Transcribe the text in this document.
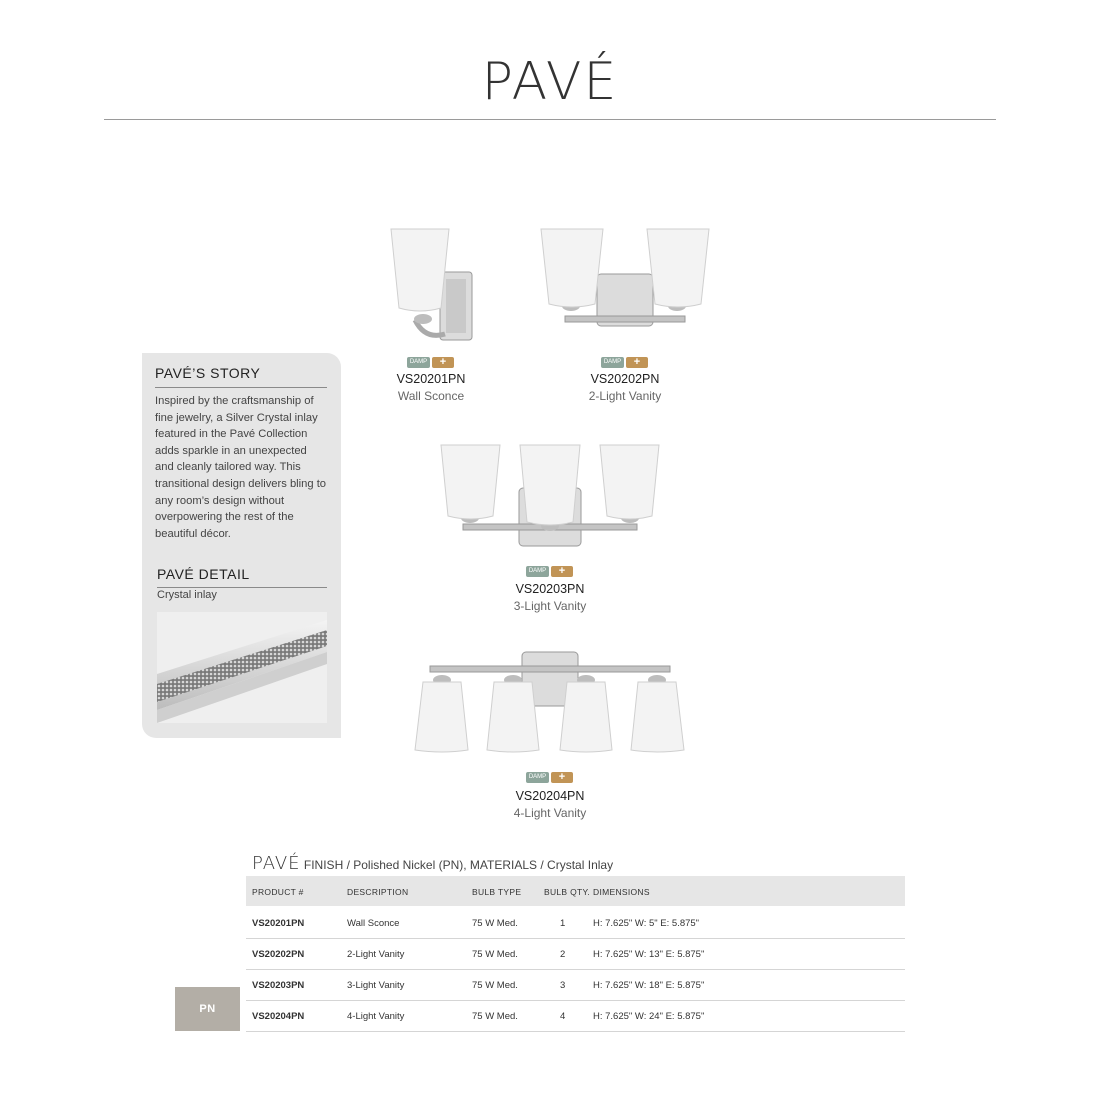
PAVÉ
PAVÉ’S STORY

Inspired by the craftsmanship of fine jewelry, a Silver Crystal inlay featured in the Pavé Collection adds sparkle in an unexpected and cleanly tailored way. This transitional design delivers bling to any room’s design without overpowering the rest of the beautiful décor.

PAVÉ DETAIL
Crystal inlay
DAMP	+
VS20201PN
Wall Sconce
DAMP	+
VS20202PN
2-Light Vanity
DAMP	+
VS20203PN
3-Light Vanity
DAMP	+
VS20204PN
4-Light Vanity
PAVÉ FINISH / Polished Nickel (PN), MATERIALS / Crystal Inlay
PRODUCT #	DESCRIPTION	BULB TYPE	BULB QTY. DIMENSIONS
VS20201PN	Wall Sconce	75 W Med.	1	H: 7.625" W: 5" E: 5.875"
VS20202PN	2-Light Vanity	75 W Med.	2	H: 7.625" W: 13" E: 5.875"
VS20203PN	3-Light Vanity	75 W Med.	3	H: 7.625" W: 18" E: 5.875"
VS20204PN	4-Light Vanity	75 W Med.	4	H: 7.625" W: 24" E: 5.875"
PN
